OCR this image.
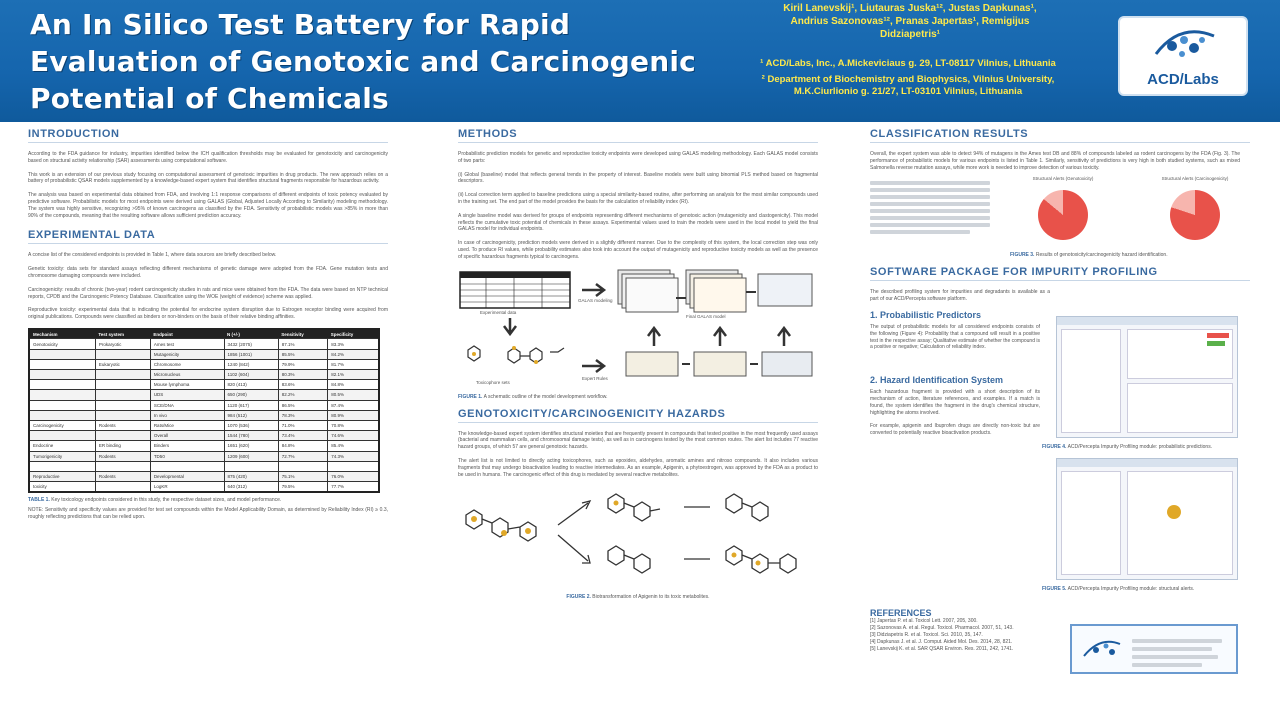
An In Silico Test Battery for Rapid Evaluation of Genotoxic and Carcinogenic Potential of Chemicals
Kiril Lanevskij¹, Liutauras Juska¹², Justas Dapkunas¹, Andrius Sazonovas¹², Pranas Japertas¹, Remigijus Didziapetris¹
¹ ACD/Labs, Inc., A.Mickeviciaus g. 29, LT-08117 Vilnius, Lithuania
² Department of Biochemistry and Biophysics, Vilnius University, M.K.Ciurlionio g. 21/27, LT-03101 Vilnius, Lithuania
ACD/Labs
INTRODUCTION

According to the FDA guidance for industry, impurities identified below the ICH qualification thresholds may be evaluated for genotoxicity and carcinogenicity based on structural activity relationship (SAR) assessments using computational software.

This work is an extension of our previous study focusing on computational assessment of genotoxic impurities in drug products. The new approach relies on a battery of probabilistic QSAR models supplemented by a knowledge-based expert system that identifies structural fragments responsible for hazardous activity.

The analysis was based on experimental data obtained from FDA, and involving 1:1 response comparisons of different endpoints of toxic potency evaluated by predictive software. Probabilistic models for most endpoints were derived using GALAS (Global, Adjusted Locally According to Similarity) modeling methodology. The system was highly sensitive, recognizing >95% of known carcinogens as classified by the FDA. Sensitivity of probabilistic models was >85% in more than 90% of the compounds, meaning that the resulting software allows sufficient prediction accuracy.

EXPERIMENTAL DATA

A concise list of the considered endpoints is provided in Table 1, where data sources are briefly described below.

Genetic toxicity: data sets for standard assays reflecting different mechanisms of genetic damage were adopted from the FDA. Gene mutation tests and chromosome damaging compounds were included.

Carcinogenicity: results of chronic (two-year) rodent carcinogenicity studies in rats and mice were obtained from the FDA. The data were based on NTP technical reports, CPDB and the Carcinogenic Potency Database. Classification using the WOE (weight of evidence) scheme was applied.

Reproductive toxicity: experimental data that is indicating the potential for endocrine system disruption due to Estrogen receptor binding were acquired from original publications. Compounds were classified as binders or non-binders on the basis of their relative binding affinities.

Mechanism	Test system	Endpoint	N (+/-)	Sensitivity	Specificity
Genotoxicity	Prokaryotic	Ames test	3432 (2075)	87.1%	83.3%
		Mutagenicity	1856 (1001)	85.5%	84.2%
	Eukaryotic	Chromosome	1240 (842)	79.9%	81.7%
		Micronucleus	1102 (604)	80.3%	82.1%
		Mouse lymphoma	820 (413)	83.6%	84.8%
		UDS	650 (290)	82.2%	80.5%
		SCE/DNA	1120 (617)	86.5%	87.4%
		In vivo	984 (512)	78.3%	80.9%
Carcinogenicity	Rodents	Rats/Mice	1070 (536)	71.0%	70.8%
		Overall	1544 (780)	73.4%	74.6%
Endocrine	ER binding	Binders	1651 (620)	84.8%	85.4%
Tumorigenicity	Rodents	TD50	1209 (600)	72.7%	74.3%

Reproductive	Rodents	Developmental	875 (420)	75.1%	76.0%
toxicity		LogKR	640 (312)	79.5%	77.7%
TABLE 1. Key toxicology endpoints considered in this study, the respective dataset sizes, and model performance.

NOTE: Sensitivity and specificity values are provided for test set compounds within the Model Applicability Domain, as determined by Reliability Index (RI) ≥ 0.3, roughly reflecting predictions that can be relied upon.

METHODS

Probabilistic prediction models for genetic and reproductive toxicity endpoints were developed using GALAS modeling methodology. Each GALAS model consists of two parts:

(i) Global (baseline) model that reflects general trends in the property of interest. Baseline models were built using binomial PLS method based on fragmental descriptors.

(ii) Local correction term applied to baseline predictions using a special similarity-based routine, after performing an analysis for the most similar compounds used in the training set. The end part of the model provides the basis for the calculation of reliability index (RI).

A single baseline model was derived for groups of endpoints representing different mechanisms of genotoxic action (mutagenicity and clastogenicity). This model reflects the cumulative toxic potential of chemicals in these assays. Experimental values used to train the models were used in the local model to yield the final GALAS model for individual endpoints.

In case of carcinogenicity, prediction models were derived in a slightly different manner. Due to the complexity of this system, the local correction step was only used. To produce RI values, while probability estimates also took into account the output of mutagenicity and reproductive toxicity models as well as the presence of specific hazardous fragments typical to carcinogens.

Experimental data
GALAS modeling
Final GALAS model
Toxicophore sets
Expert Rules
FIGURE 1. A schematic outline of the model development workflow.
GENOTOXICITY/CARCINOGENICITY HAZARDS

The knowledge-based expert system identifies structural moieties that are frequently present in compounds that tested positive in the most frequently used assays (bacterial and mammalian cells, and chromosomal damage tests), as well as in carcinogens tested by the most common routes. The alert list includes 77 reactive hazard groups, of which 57 are general genotoxic hazards.

The alert list is not limited to directly acting toxicophores, such as epoxides, aldehydes, aromatic amines and nitroso compounds. It also includes various fragments that may undergo bioactivation leading to reactive intermediates. As an example, Apigenin, a phytoestrogen, was approved by the FDA as a product to be used in humans. The carcinogenic effect of this drug is mediated by several reactive metabolites.

FIGURE 2. Biotransformation of Apigenin to its toxic metabolites.
CLASSIFICATION RESULTS

Overall, the expert system was able to detect 94% of mutagens in the Ames test DB and 88% of compounds labeled as rodent carcinogens by the FDA (Fig. 3). The performance of probabilistic models for various endpoints is listed in Table 1. Similarly, sensitivity of predictions is very high in both studied systems, such as mixed Salmonella reverse mutation assays, while more work is needed to improve detection of various toxicity.

Structural Alerts (Genotoxicity)	Structural Alerts (Carcinogenicity)
FIGURE 3. Results of genotoxicity/carcinogenicity hazard identification.
SOFTWARE PACKAGE FOR IMPURITY PROFILING

The described profiling system for impurities and degradants is available as a part of our ACD/Percepta software platform.

1. Probabilistic Predictors

The output of probabilistic models for all considered endpoints consists of the following (Figure 4): Probability that a compound will result in a positive test in the respective assay; Qualitative estimate of whether the compound is a positive or negative; Calculation of reliability index.

2. Hazard Identification System

Each hazardous fragment is provided with a short description of its mechanism of action, literature references, and examples. If a match is found, the system identifies the fragment in the drug's chemical structure, highlighting the atoms involved.

For example, apigenin and Ibuprofen drugs are directly non-toxic but are converted to potentially reactive bioactivation products.

REFERENCES
[1] Japertas P. et al. Toxicol Lett. 2007, 205, 300.
[2] Sazonovas A. et al. Regul. Toxicol. Pharmacol. 2007, 51, 143.
[3] Didziapetris R. et al. Toxicol. Sci. 2010, 35, 147.
[4] Dapkunas J. et al. J. Comput. Aided Mol. Des. 2014, 28, 821.
[5] Lanevskij K. et al. SAR QSAR Environ. Res. 2011, 242, 1741.
FIGURE 4. ACD/Percepta Impurity Profiling module: probabilistic predictions.
FIGURE 5. ACD/Percepta Impurity Profiling module: structural alerts.
